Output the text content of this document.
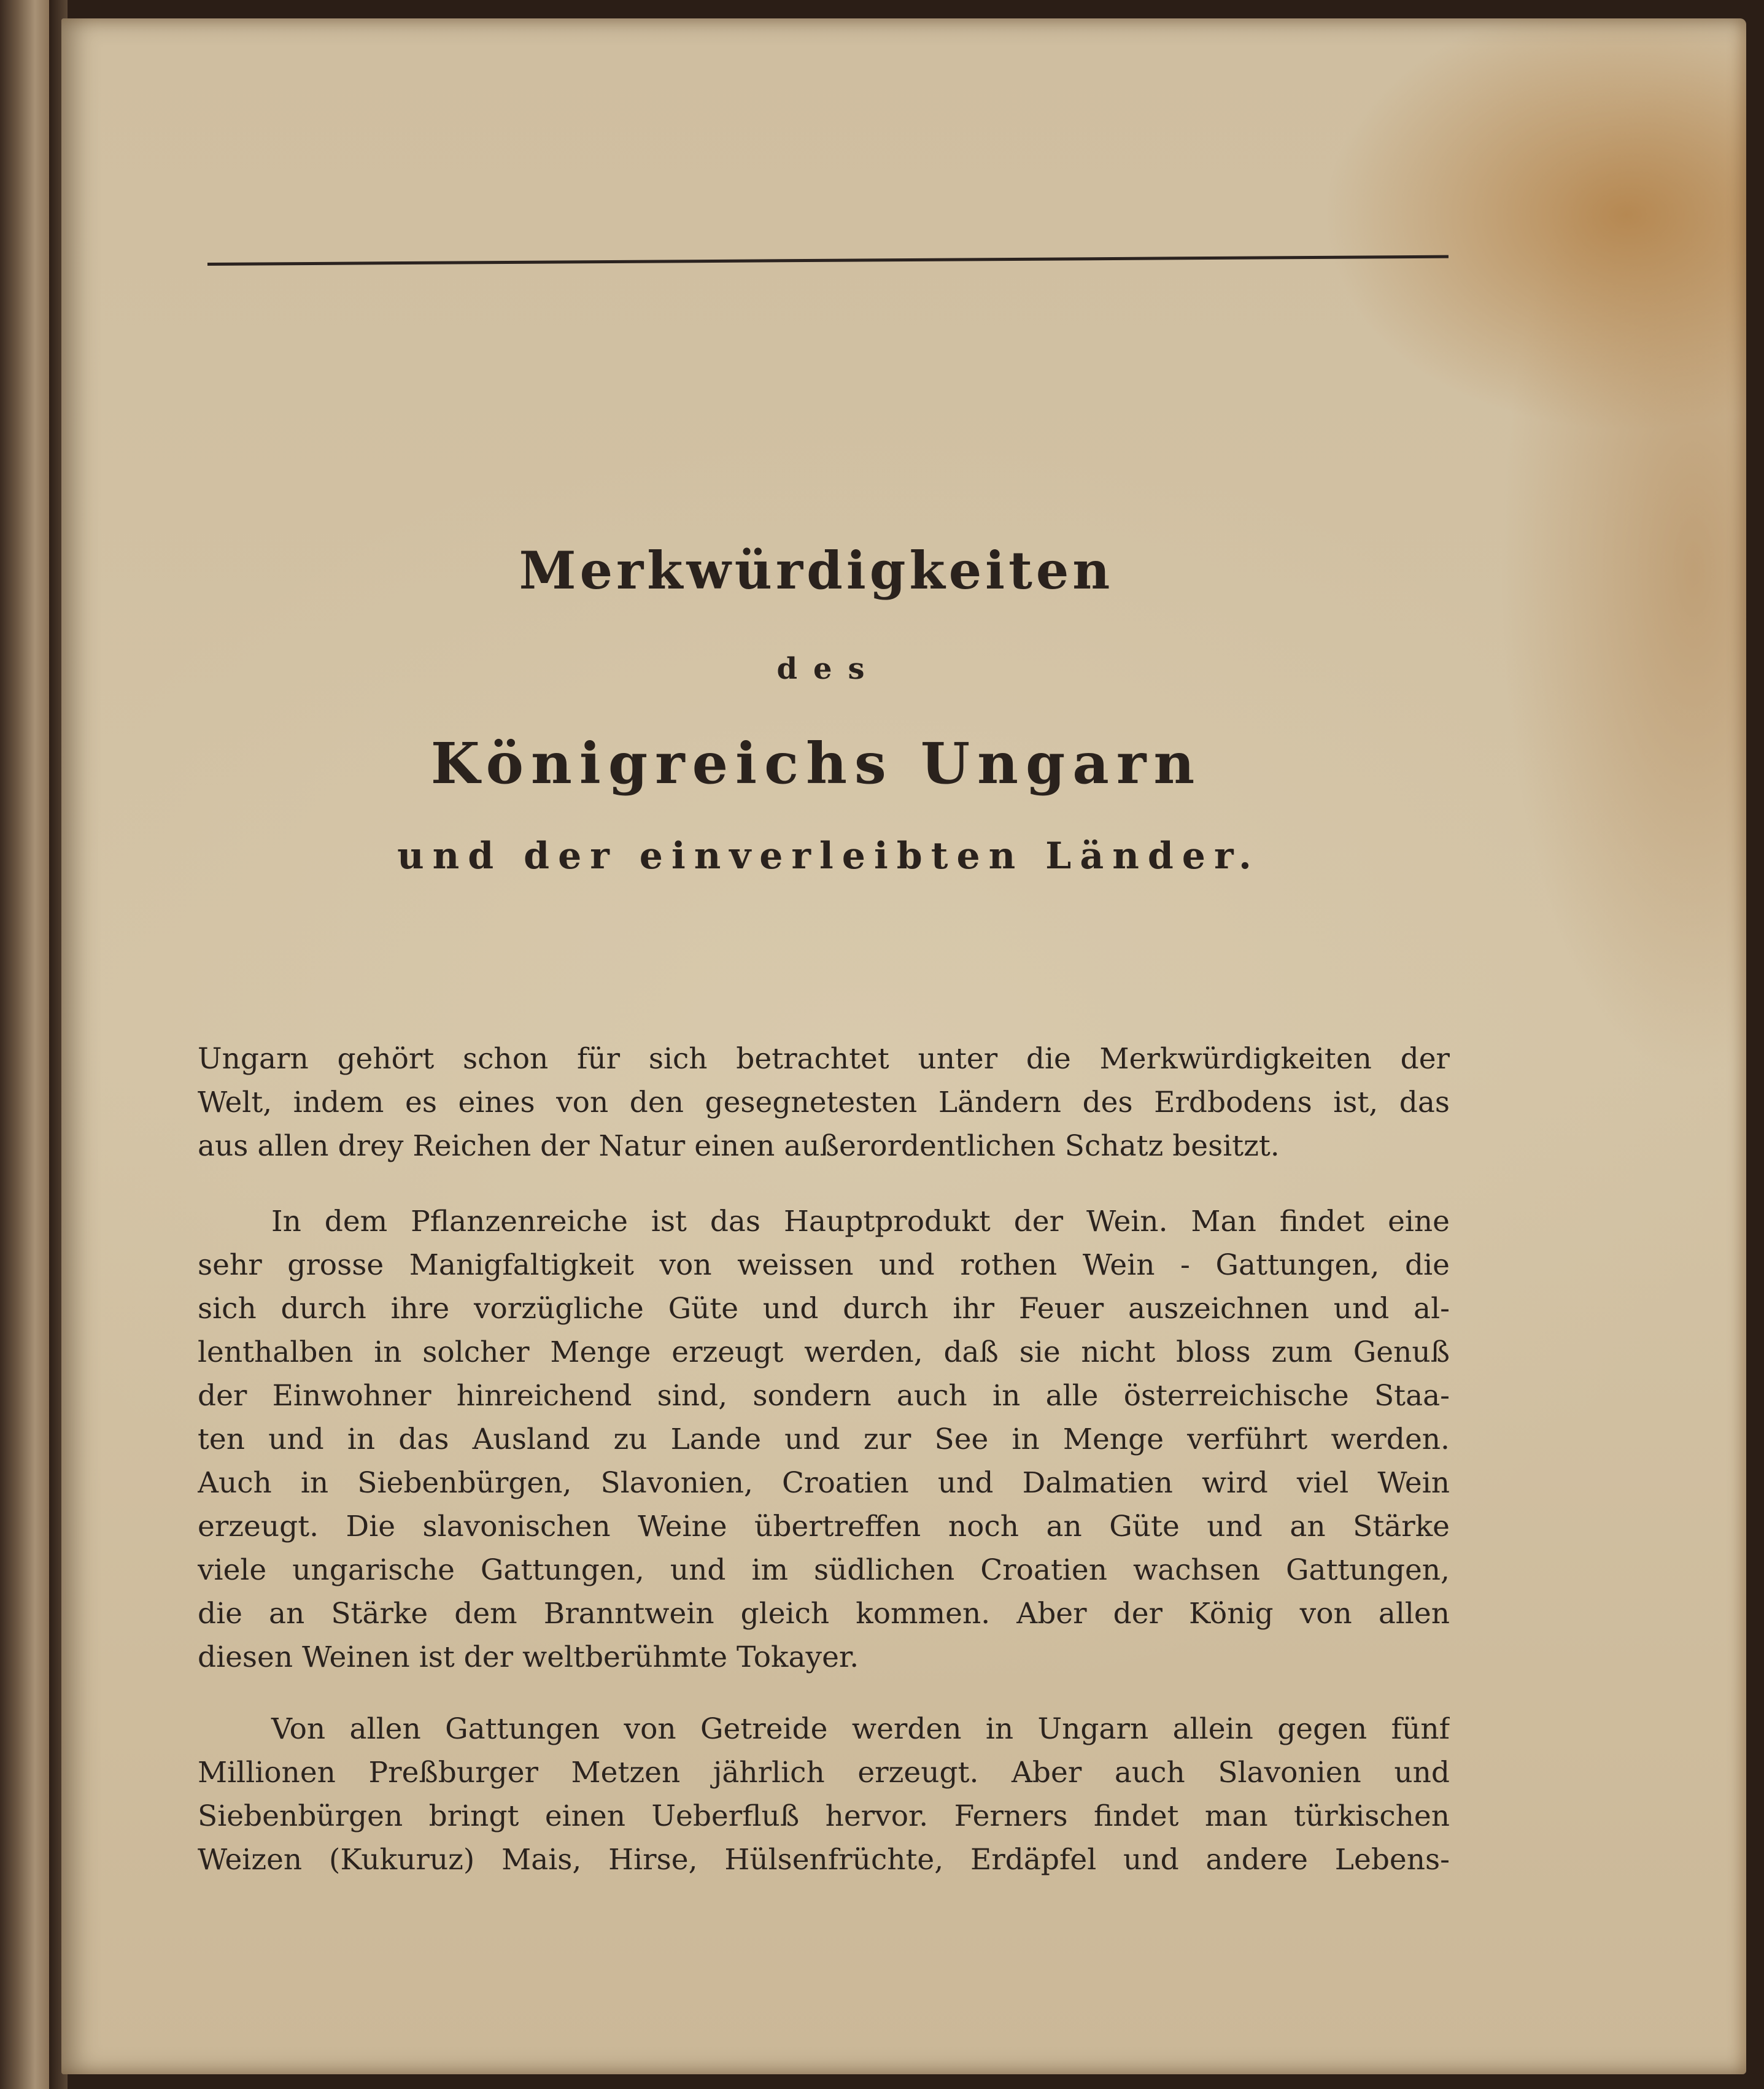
Merkwürdigkeiten
des
Königreichs Ungarn
und der einverleibten Länder.
Ungarn gehört schon für sich betrachtet unter die Merkwürdigkeiten der
Welt, indem es eines von den gesegnetesten Ländern des Erdbodens ist, das
aus allen drey Reichen der Natur einen außerordentlichen Schatz besitzt.
In dem Pflanzenreiche ist das Hauptprodukt der Wein. Man findet eine
sehr grosse Manigfaltigkeit von weissen und rothen Wein - Gattungen, die
sich durch ihre vorzügliche Güte und durch ihr Feuer auszeichnen und al-
lenthalben in solcher Menge erzeugt werden, daß sie nicht bloss zum Genuß
der Einwohner hinreichend sind, sondern auch in alle österreichische Staa-
ten und in das Ausland zu Lande und zur See in Menge verführt werden.
Auch in Siebenbürgen, Slavonien, Croatien und Dalmatien wird viel Wein
erzeugt. Die slavonischen Weine übertreffen noch an Güte und an Stärke
viele ungarische Gattungen, und im südlichen Croatien wachsen Gattungen,
die an Stärke dem Branntwein gleich kommen. Aber der König von allen
diesen Weinen ist der weltberühmte Tokayer.
Von allen Gattungen von Getreide werden in Ungarn allein gegen fünf
Millionen Preßburger Metzen jährlich erzeugt. Aber auch Slavonien und
Siebenbürgen bringt einen Ueberfluß hervor. Ferners findet man türkischen
Weizen (Kukuruz) Mais, Hirse, Hülsenfrüchte, Erdäpfel und andere Lebens-
